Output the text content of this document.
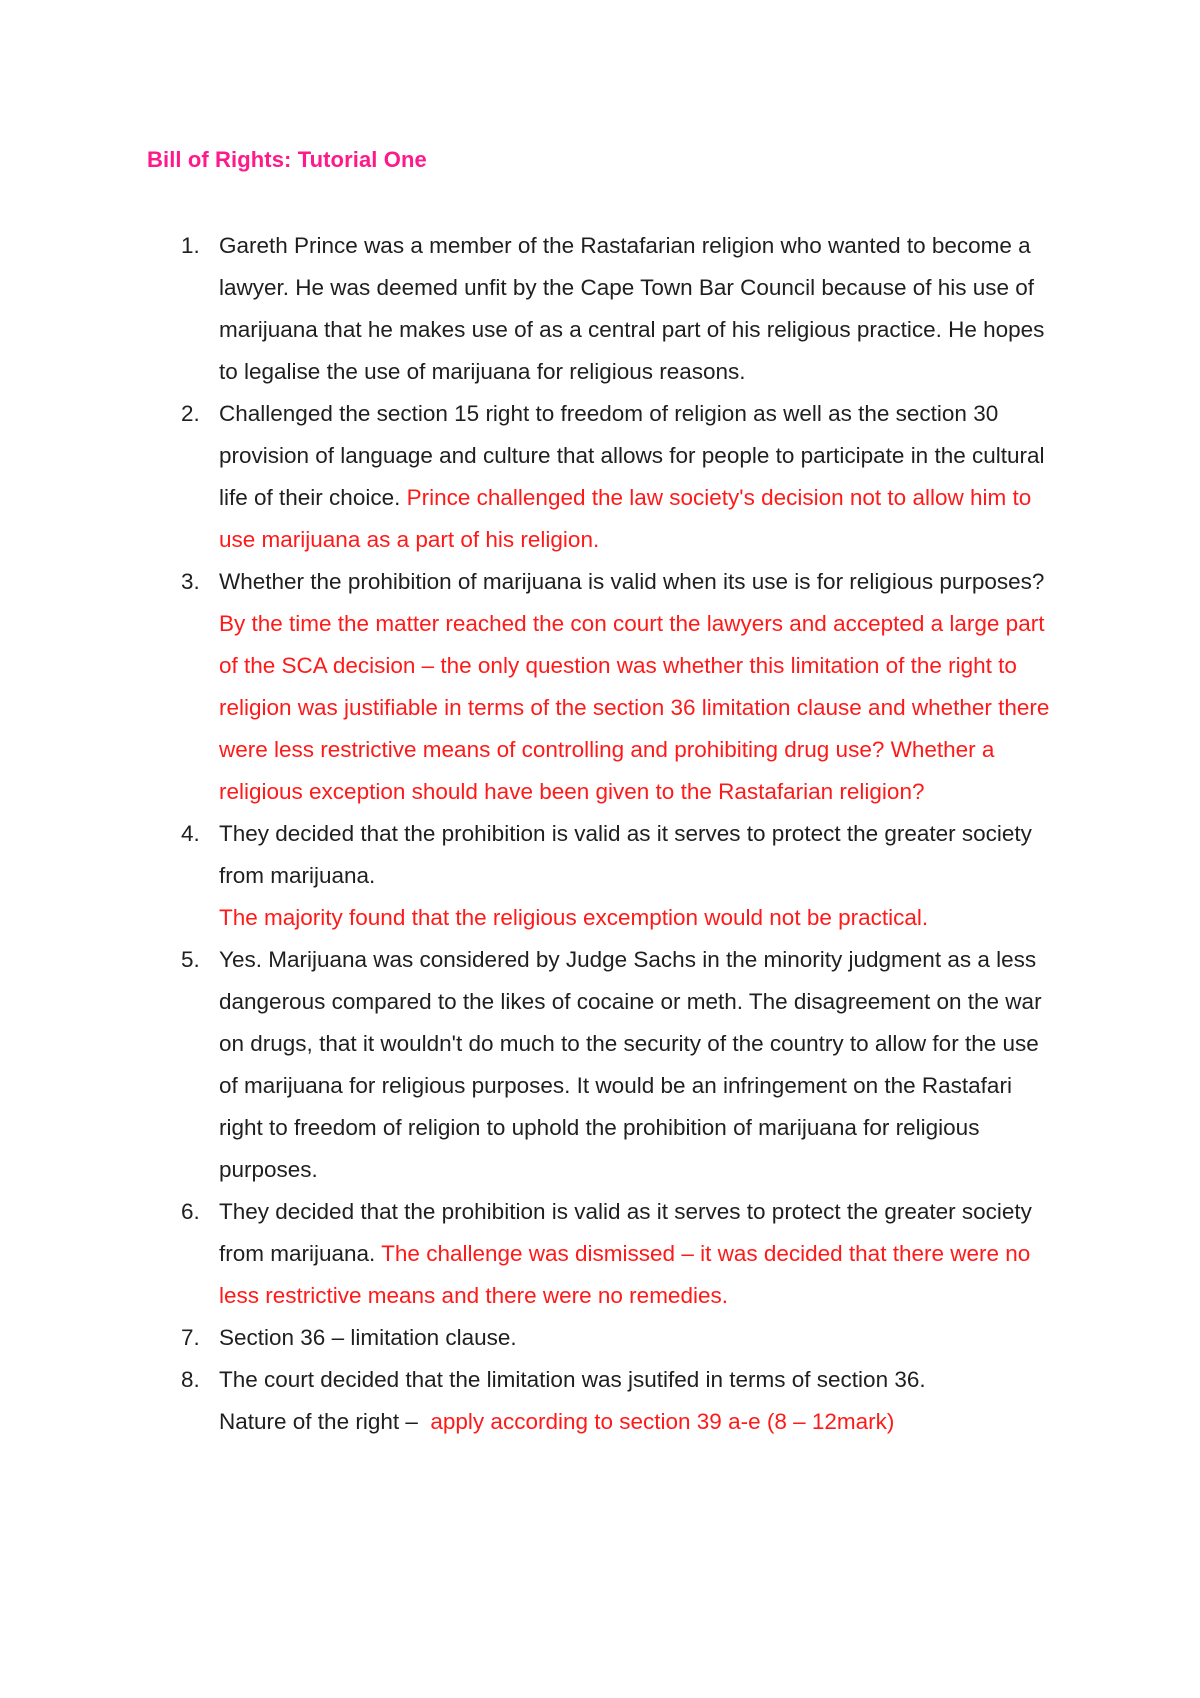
Bill of Rights: Tutorial One
1. Gareth Prince was a member of the Rastafarian religion who wanted to become a lawyer. He was deemed unfit by the Cape Town Bar Council because of his use of marijuana that he makes use of as a central part of his religious practice. He hopes to legalise the use of marijuana for religious reasons.
2. Challenged the section 15 right to freedom of religion as well as the section 30 provision of language and culture that allows for people to participate in the cultural life of their choice. Prince challenged the law society's decision not to allow him to use marijuana as a part of his religion.
3. Whether the prohibition of marijuana is valid when its use is for religious purposes?
By the time the matter reached the con court the lawyers and accepted a large part of the SCA decision – the only question was whether this limitation of the right to religion was justifiable in terms of the section 36 limitation clause and whether there were less restrictive means of controlling and prohibiting drug use? Whether a religious exception should have been given to the Rastafarian religion?
4. They decided that the prohibition is valid as it serves to protect the greater society from marijuana.
The majority found that the religious excemption would not be practical.
5. Yes. Marijuana was considered by Judge Sachs in the minority judgment as a less dangerous compared to the likes of cocaine or meth. The disagreement on the war on drugs, that it wouldn't do much to the security of the country to allow for the use of marijuana for religious purposes. It would be an infringement on the Rastafari right to freedom of religion to uphold the prohibition of marijuana for religious purposes.
6. They decided that the prohibition is valid as it serves to protect the greater society from marijuana. The challenge was dismissed – it was decided that there were no less restrictive means and there were no remedies.
7. Section 36 – limitation clause.
8. The court decided that the limitation was jsutifed in terms of section 36.
Nature of the right – apply according to section 39 a-e (8 – 12mark)
